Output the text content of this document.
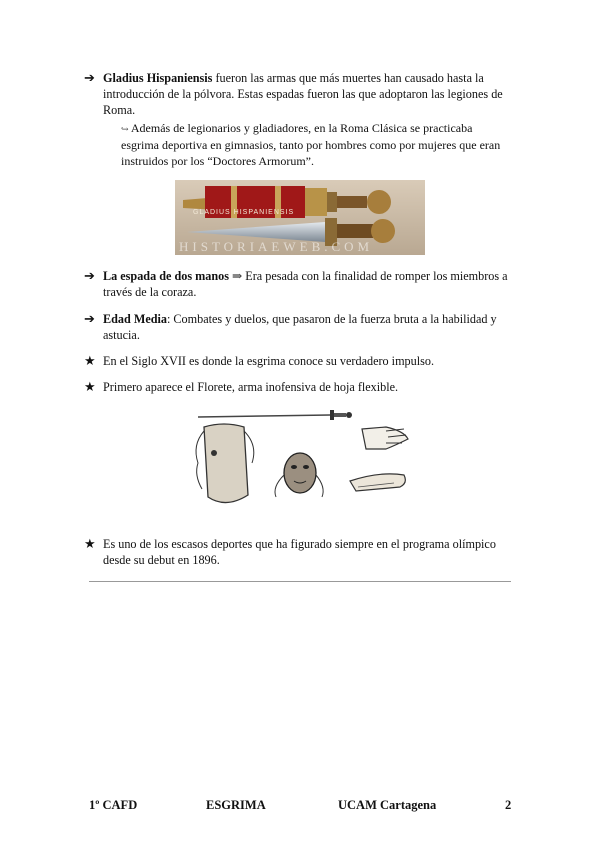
➔ Gladius Hispaniensis fueron las armas que más muertes han causado hasta la introducción de la pólvora. Estas espadas fueron las que adoptaron las legiones de Roma.
↪ Además de legionarios y gladiadores, en la Roma Clásica se practicaba esgrima deportiva en gimnasios, tanto por hombres como por mujeres que eran instruidos por los “Doctores Armorum”.
GLADIUS HISPANIENSIS
HISTORIAEWEB.COM
➔ La espada de dos manos ⇒ Era pesada con la finalidad de romper los miembros a través de la coraza.
➔ Edad Media: Combates y duelos, que pasaron de la fuerza bruta a la habilidad y astucia.
★ En el Siglo XVII es donde la esgrima conoce su verdadero impulso.
★ Primero aparece el Florete, arma inofensiva de hoja flexible.
★ Es uno de los escasos deportes que ha figurado siempre en el programa olímpico desde su debut en 1896.
1º CAFD	ESGRIMA	UCAM Cartagena	2
